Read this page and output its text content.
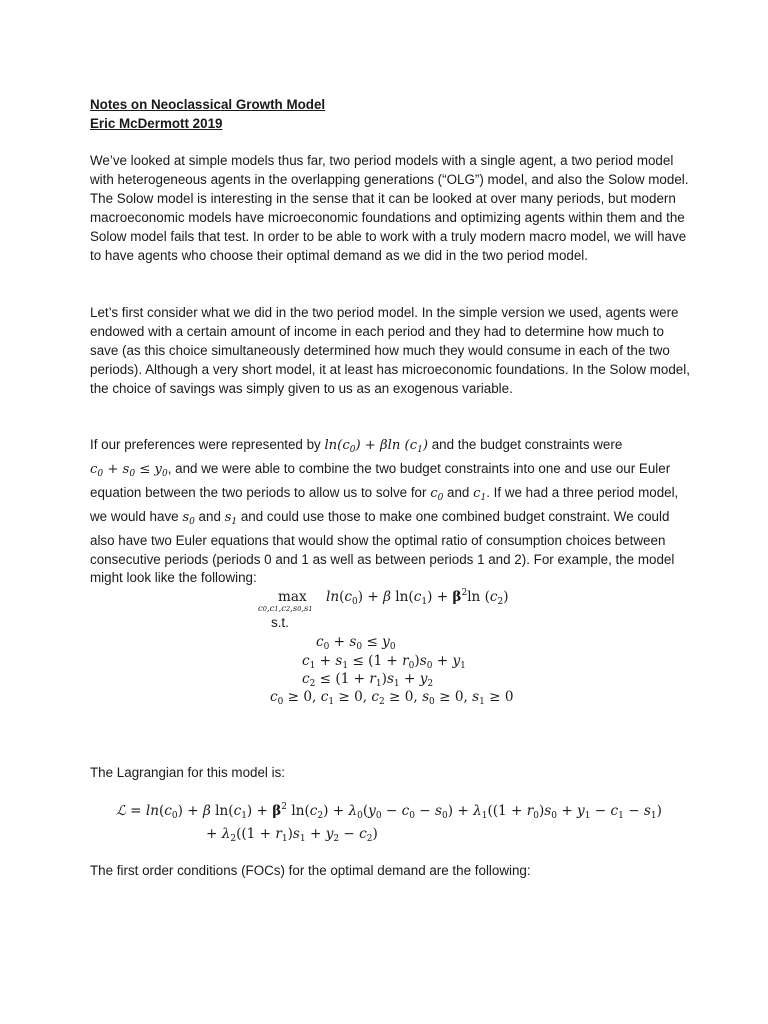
Notes on Neoclassical Growth Model
Eric McDermott 2019
We’ve looked at simple models thus far, two period models with a single agent, a two period model with heterogeneous agents in the overlapping generations (“OLG”) model, and also the Solow model. The Solow model is interesting in the sense that it can be looked at over many periods, but modern macroeconomic models have microeconomic foundations and optimizing agents within them and the Solow model fails that test. In order to be able to work with a truly modern macro model, we will have to have agents who choose their optimal demand as we did in the two period model.
Let’s first consider what we did in the two period model. In the simple version we used, agents were endowed with a certain amount of income in each period and they had to determine how much to save (as this choice simultaneously determined how much they would consume in each of the two periods). Although a very short model, it at least has microeconomic foundations. In the Solow model, the choice of savings was simply given to us as an exogenous variable.
If our preferences were represented by $\ln(c_0) + \beta\ln$ $(c_1)$ and the budget constraints were
$c_0 + s_0 \le y_0$, and we were able to combine the two budget constraints into one and use our Euler equation between the two periods to allow us to solve for $c_0$ and $c_1$. If we had a three period model, we would have $s_0$ and $s_1$ and could use those to make one combined budget constraint. We could also have two Euler equations that would show the optimal ratio of consumption choices between consecutive periods (periods 0 and 1 as well as between periods 1 and 2). For example, the model might look like the following:
max
c0,c1,c2,s0,s1
$\ln(c_0) + \beta$ $\ln(c_1) + \beta^2\ln$ $(c_2)$
s.t.
$c_0 + s_0 \le y_0$
$c_1 + s_1 \le (1 + r_0)s_0 + y_1$
$c_2 \le (1 + r_1)s_1 + y_2$
$c_0 \ge 0$, $c_1 \ge 0$, $c_2 \ge 0$, $s_0 \ge 0$, $s_1 \ge 0$
The Lagrangian for this model is:
ℒ = $\ln(c_0) + \beta$ $\ln(c_1) + \beta^2$ $\ln(c_2) + \lambda_0(y_0 - c_0 - s_0) + \lambda_1((1 + r_0)s_0 + y_1 - c_1 - s_1)$
+ $\lambda_2((1 + r_1)s_1 + y_2 - c_2)$
The first order conditions (FOCs) for the optimal demand are the following:
